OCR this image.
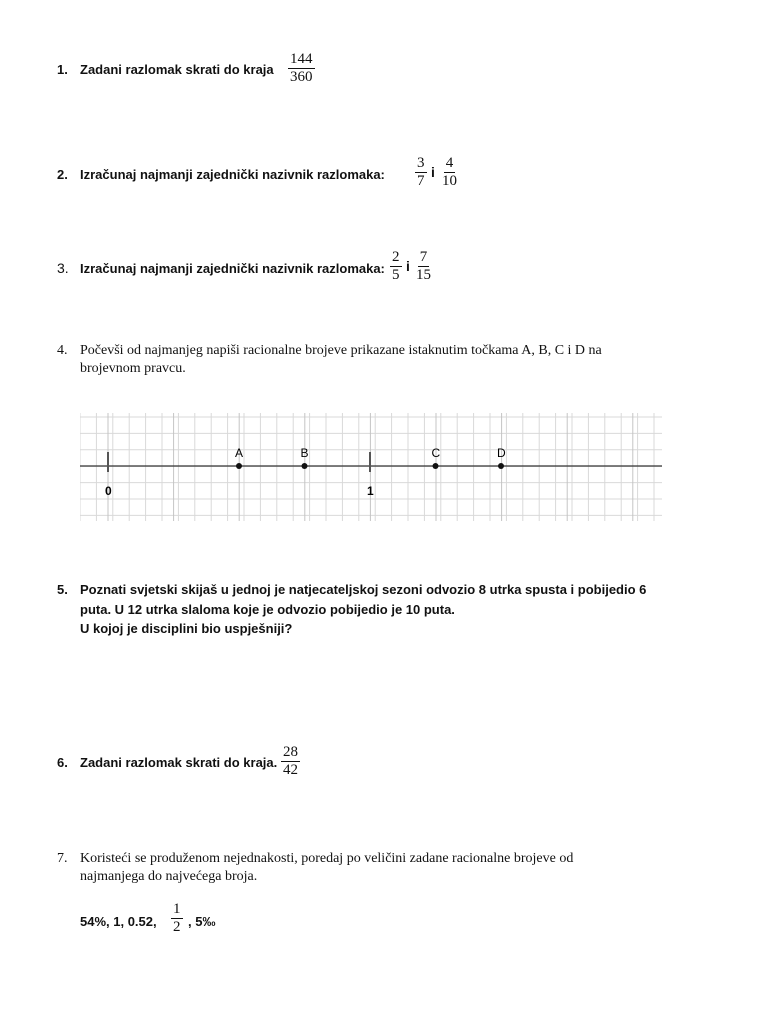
1. Zadani razlomak skrati do kraja $\frac{144}{360}$
2. Izračunaj najmanji zajednički nazivnik razlomaka: $\frac{3}{7}$ i $\frac{4}{10}$
3. Izračunaj najmanji zajednički nazivnik razlomaka: $\frac{2}{5}$ i $\frac{7}{15}$
4. Počevši od najmanjeg napiši racionalne brojeve prikazane istaknutim točkama A, B, C i D na
brojevnom pravcu.
0	1
A	B	C	D
5. Poznati svjetski skijaš u jednoj je natjecateljskoj sezoni odvozio 8 utrka spusta i pobijedio 6
puta. U 12 utrka slaloma koje je odvozio pobijedio je 10 puta.
U kojoj je disciplini bio uspješniji?
6. Zadani razlomak skrati do kraja. $\frac{28}{42}$
7. Koristeći se produženom nejednakosti, poredaj po veličini zadane racionalne brojeve od
najmanjega do najvećega broja.
54%, 1, 0.52, $\frac{1}{2}$ , 5‰
